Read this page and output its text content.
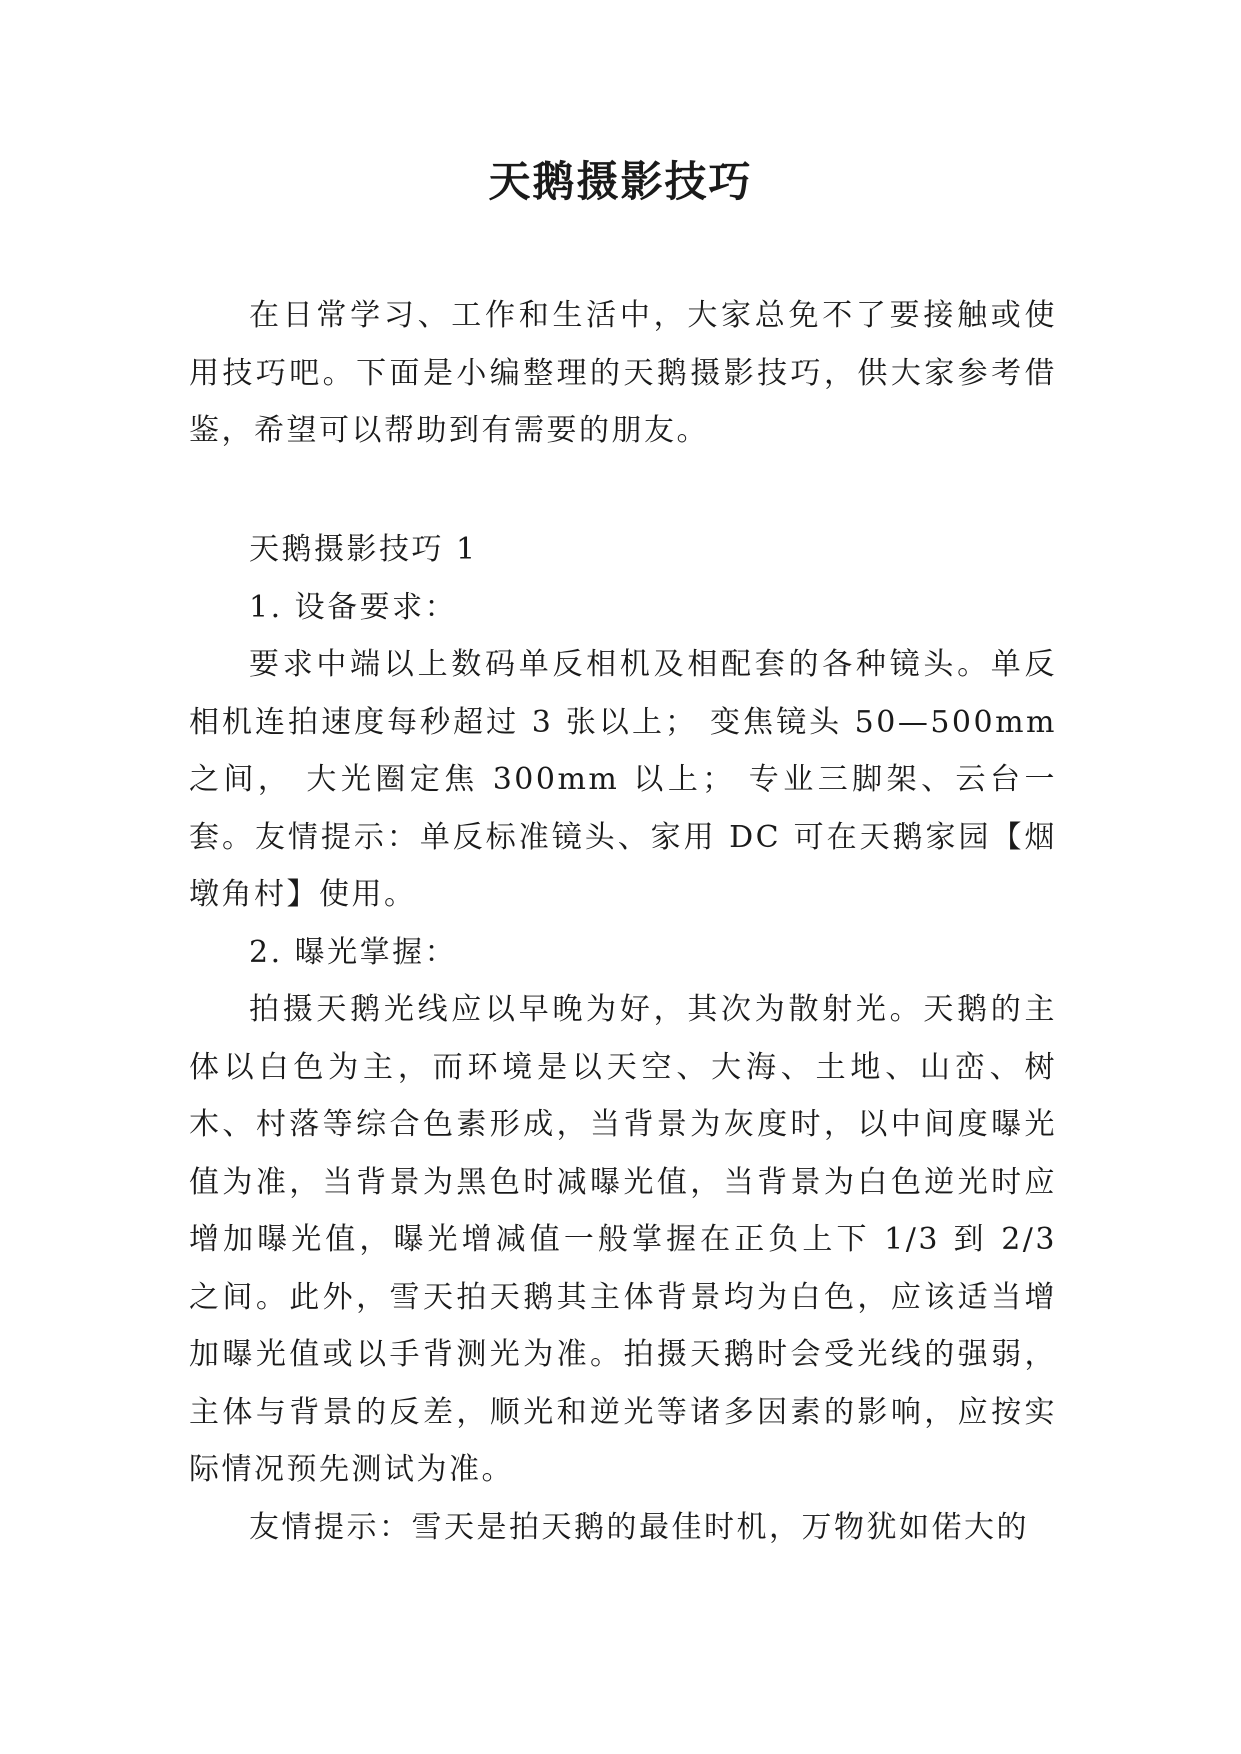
天鹅摄影技巧

在日常学习、工作和生活中，大家总免不了要接触或使用技巧吧。下面是小编整理的天鹅摄影技巧，供大家参考借鉴，希望可以帮助到有需要的朋友。

天鹅摄影技巧 1

1. 设备要求：

要求中端以上数码单反相机及相配套的各种镜头。单反相机连拍速度每秒超过 3 张以上； 变焦镜头 50—500mm 之间， 大光圈定焦 300mm 以上； 专业三脚架、云台一套。友情提示：单反标准镜头、家用 DC 可在天鹅家园【烟墩角村】使用。

2. 曝光掌握：

拍摄天鹅光线应以早晚为好，其次为散射光。天鹅的主体以白色为主，而环境是以天空、大海、土地、山峦、树木、村落等综合色素形成，当背景为灰度时，以中间度曝光值为准，当背景为黑色时减曝光值，当背景为白色逆光时应增加曝光值，曝光增减值一般掌握在正负上下 1/3 到 2/3 之间。此外，雪天拍天鹅其主体背景均为白色，应该适当增加曝光值或以手背测光为准。拍摄天鹅时会受光线的强弱，主体与背景的反差，顺光和逆光等诸多因素的影响，应按实际情况预先测试为准。

友情提示：雪天是拍天鹅的最佳时机，万物犹如偌大的
